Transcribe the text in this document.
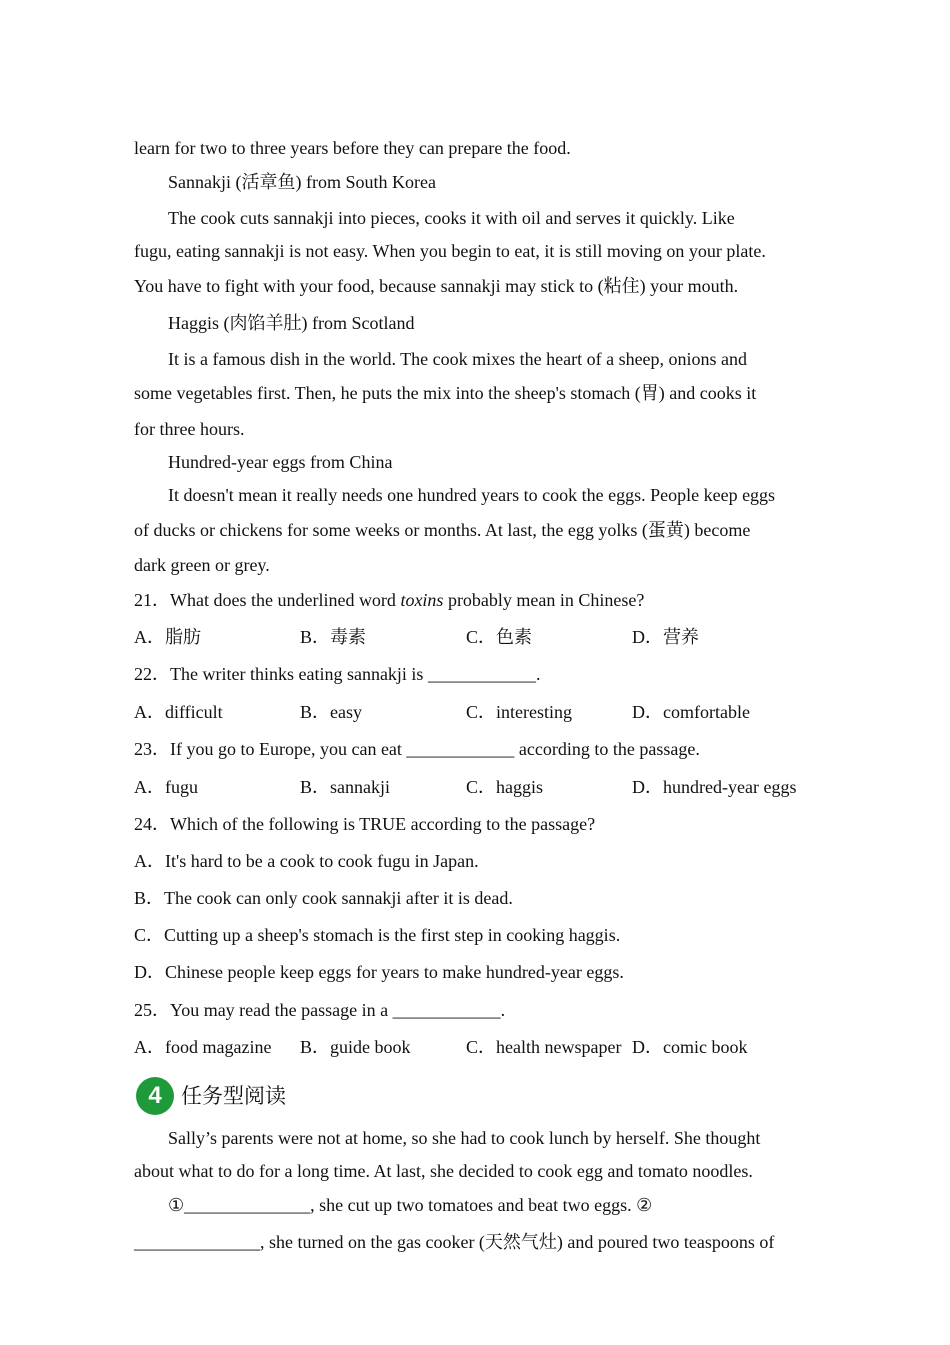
learn for two to three years before they can prepare the food.
Sannakji (活章鱼) from South Korea
The cook cuts sannakji into pieces, cooks it with oil and serves it quickly. Like
fugu, eating sannakji is not easy. When you begin to eat, it is still moving on your plate.
You have to fight with your food, because sannakji may stick to (粘住) your mouth.
Haggis (肉馅羊肚) from Scotland
It is a famous dish in the world. The cook mixes the heart of a sheep, onions and
some vegetables first. Then, he puts the mix into the sheep's stomach (胃) and cooks it
for three hours.
Hundred-year eggs from China
It doesn't mean it really needs one hundred years to cook the eggs. People keep eggs
of ducks or chickens for some weeks or months. At last, the egg yolks (蛋黄) become
dark green or grey.
21．What does the underlined word toxins probably mean in Chinese?
A．脂肪	B．毒素	C．色素	D．营养
22．The writer thinks eating sannakji is ____________.
A．difficult	B．easy	C．interesting	D．comfortable
23．If you go to Europe, you can eat ____________ according to the passage.
A．fugu	B．sannakji	C．haggis	D．hundred-year eggs
24．Which of the following is TRUE according to the passage?
A．It's hard to be a cook to cook fugu in Japan.
B．The cook can only cook sannakji after it is dead.
C．Cutting up a sheep's stomach is the first step in cooking haggis.
D．Chinese people keep eggs for years to make hundred-year eggs.
25．You may read the passage in a ____________.
A．food magazine B．guide book	C．health newspaper D．comic book
4 任务型阅读
Sally’s parents were not at home, so she had to cook lunch by herself. She thought
about what to do for a long time. At last, she decided to cook egg and tomato noodles.
①______________, she cut up two tomatoes and beat two eggs. ②
______________, she turned on the gas cooker (天然气灶) and poured two teaspoons of
